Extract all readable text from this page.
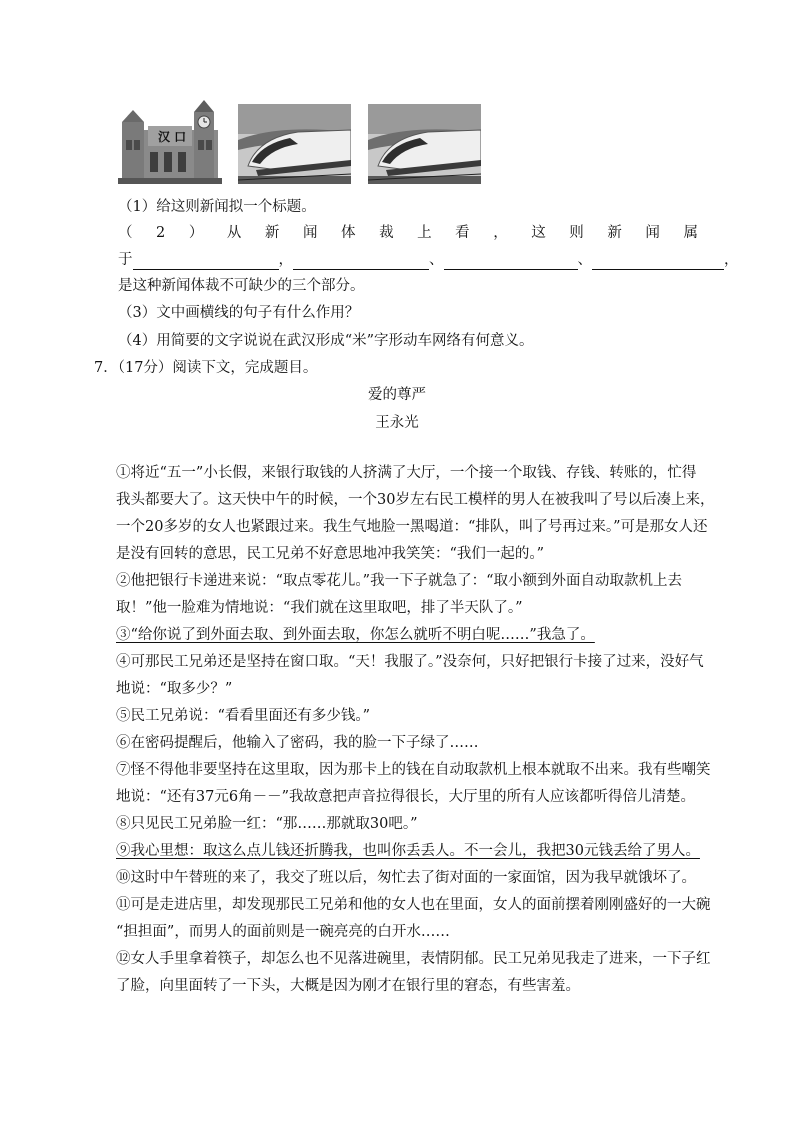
汉 口
（1）给这则新闻拟一个标题。
（ 2 ） 从 新 闻 体 裁 上 看 ， 这 则 新 闻 属
于	，	、	、	，
是这种新闻体裁不可缺少的三个部分。
（3）文中画横线的句子有什么作用？
（4）用简要的文字说说在武汉形成“米”字形动车网络有何意义。
7．（17分）阅读下文，完成题目。
爱的尊严
王永光
①将近“五一”小长假，来银行取钱的人挤满了大厅，一个接一个取钱、存钱、转账的，忙得
我头都要大了。这天快中午的时候，一个30岁左右民工模样的男人在被我叫了号以后凑上来，
一个20多岁的女人也紧跟过来。我生气地脸一黑喝道：“排队，叫了号再过来。”可是那女人还
是没有回转的意思，民工兄弟不好意思地冲我笑笑：“我们一起的。”
②他把银行卡递进来说：“取点零花儿。”我一下子就急了：“取小额到外面自动取款机上去
取！”他一脸难为情地说：“我们就在这里取吧，排了半天队了。”
③“给你说了到外面去取、到外面去取，你怎么就听不明白呢……”我急了。
④可那民工兄弟还是坚持在窗口取。“天！我服了。”没奈何，只好把银行卡接了过来，没好气
地说：“取多少？”
⑤民工兄弟说：“看看里面还有多少钱。”
⑥在密码提醒后，他输入了密码，我的脸一下子绿了……
⑦怪不得他非要坚持在这里取，因为那卡上的钱在自动取款机上根本就取不出来。我有些嘲笑
地说：“还有37元6角－－”我故意把声音拉得很长，大厅里的所有人应该都听得倍儿清楚。
⑧只见民工兄弟脸一红：“那……那就取30吧。”
⑨我心里想：取这么点儿钱还折腾我，也叫你丢丢人。不一会儿，我把30元钱丢给了男人。
⑩这时中午替班的来了，我交了班以后，匆忙去了街对面的一家面馆，因为我早就饿坏了。
⑪可是走进店里，却发现那民工兄弟和他的女人也在里面，女人的面前摆着刚刚盛好的一大碗
“担担面”，而男人的面前则是一碗亮亮的白开水……
⑫女人手里拿着筷子，却怎么也不见落进碗里，表情阴郁。民工兄弟见我走了进来，一下子红
了脸，向里面转了一下头，大概是因为刚才在银行里的窘态，有些害羞。
